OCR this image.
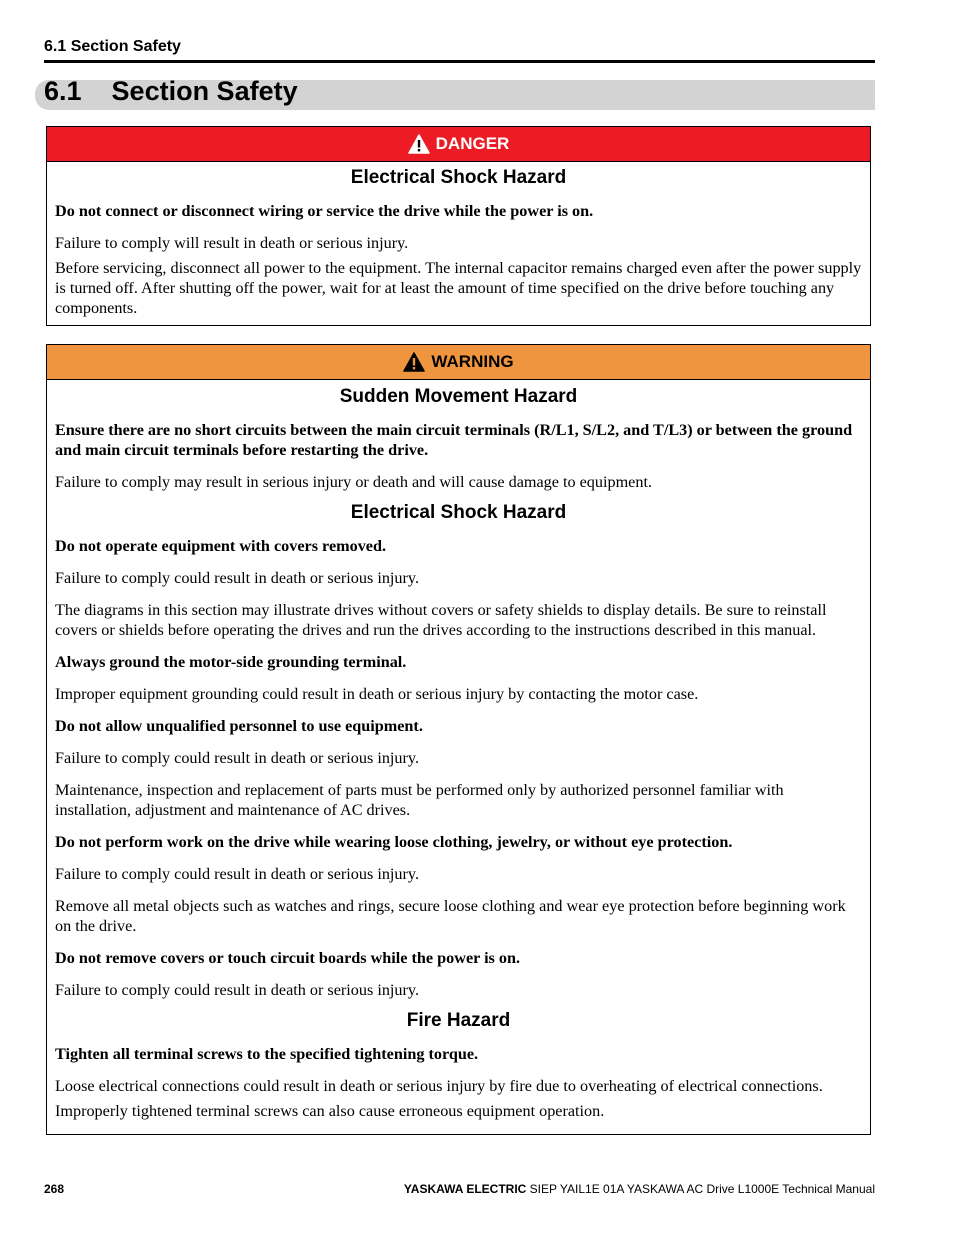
6.1 Section Safety
6.1    Section Safety
DANGER

Electrical Shock Hazard

Do not connect or disconnect wiring or service the drive while the power is on.

Failure to comply will result in death or serious injury.

Before servicing, disconnect all power to the equipment. The internal capacitor remains charged even after the power supply is turned off. After shutting off the power, wait for at least the amount of time specified on the drive before touching any components.

WARNING

Sudden Movement Hazard

Ensure there are no short circuits between the main circuit terminals (R/L1, S/L2, and T/L3) or between the ground and main circuit terminals before restarting the drive.

Failure to comply may result in serious injury or death and will cause damage to equipment.

Electrical Shock Hazard

Do not operate equipment with covers removed.

Failure to comply could result in death or serious injury.

The diagrams in this section may illustrate drives without covers or safety shields to display details. Be sure to reinstall covers or shields before operating the drives and run the drives according to the instructions described in this manual.

Always ground the motor-side grounding terminal.

Improper equipment grounding could result in death or serious injury by contacting the motor case.

Do not allow unqualified personnel to use equipment.

Failure to comply could result in death or serious injury.

Maintenance, inspection and replacement of parts must be performed only by authorized personnel familiar with installation, adjustment and maintenance of AC drives.

Do not perform work on the drive while wearing loose clothing, jewelry, or without eye protection.

Failure to comply could result in death or serious injury.

Remove all metal objects such as watches and rings, secure loose clothing and wear eye protection before beginning work on the drive.

Do not remove covers or touch circuit boards while the power is on.

Failure to comply could result in death or serious injury.

Fire Hazard

Tighten all terminal screws to the specified tightening torque.

Loose electrical connections could result in death or serious injury by fire due to overheating of electrical connections.

Improperly tightened terminal screws can also cause erroneous equipment operation.

268	YASKAWA ELECTRIC SIEP YAIL1E 01A YASKAWA AC Drive L1000E Technical Manual
